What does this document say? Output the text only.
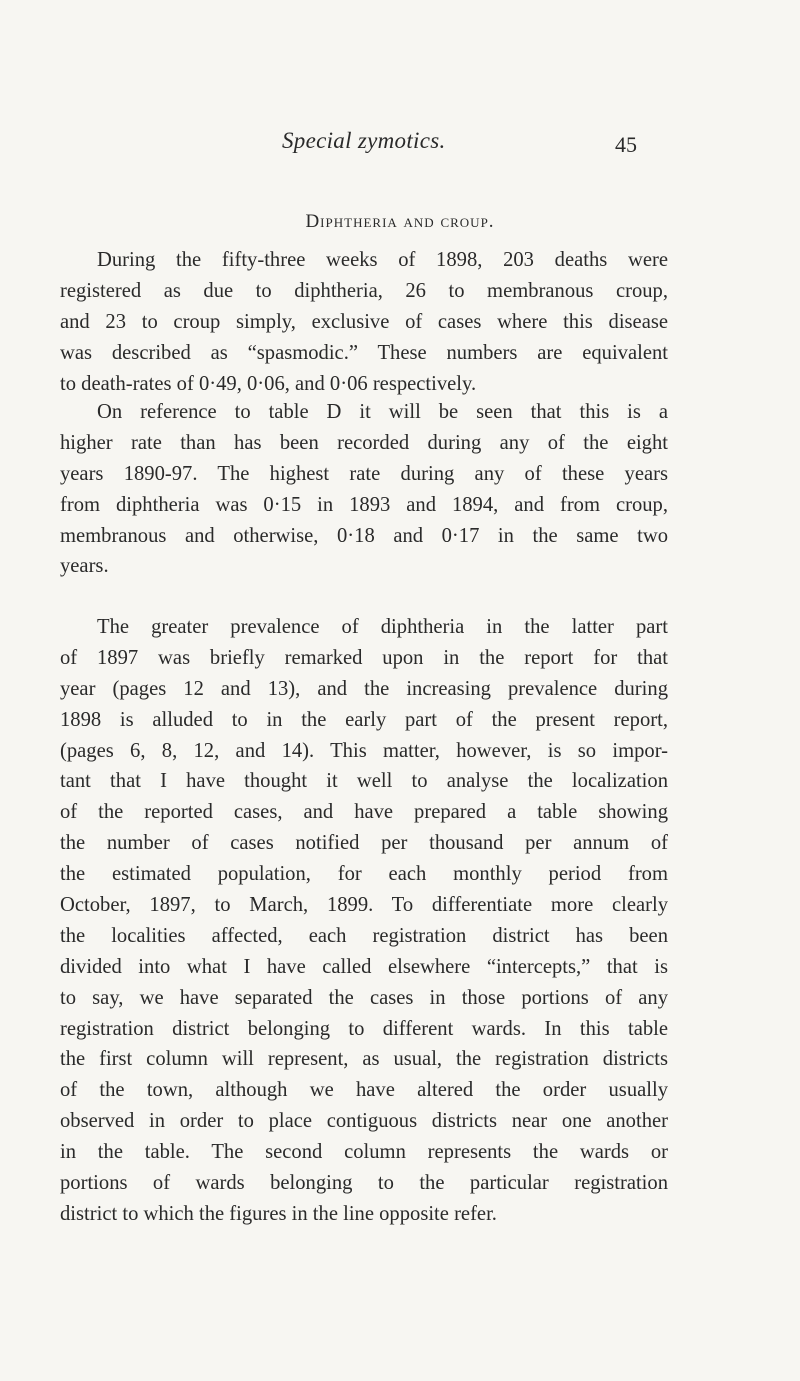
Special zymotics.	45
Diphtheria and croup.
During the fifty-three weeks of 1898, 203 deaths were
registered as due to diphtheria, 26 to membranous croup,
and 23 to croup simply, exclusive of cases where this disease
was described as “spasmodic.” These numbers are equivalent
to death-rates of 0·49, 0·06, and 0·06 respectively.
On reference to table D it will be seen that this is a
higher rate than has been recorded during any of the eight
years 1890-97. The highest rate during any of these years
from diphtheria was 0·15 in 1893 and 1894, and from croup,
membranous and otherwise, 0·18 and 0·17 in the same two
years.
The greater prevalence of diphtheria in the latter part
of 1897 was briefly remarked upon in the report for that
year (pages 12 and 13), and the increasing prevalence during
1898 is alluded to in the early part of the present report,
(pages 6, 8, 12, and 14). This matter, however, is so impor-
tant that I have thought it well to analyse the localization
of the reported cases, and have prepared a table showing
the number of cases notified per thousand per annum of
the estimated population, for each monthly period from
October, 1897, to March, 1899. To differentiate more clearly
the localities affected, each registration district has been
divided into what I have called elsewhere “intercepts,” that is
to say, we have separated the cases in those portions of any
registration district belonging to different wards. In this table
the first column will represent, as usual, the registration districts
of the town, although we have altered the order usually
observed in order to place contiguous districts near one another
in the table. The second column represents the wards or
portions of wards belonging to the particular registration
district to which the figures in the line opposite refer.
